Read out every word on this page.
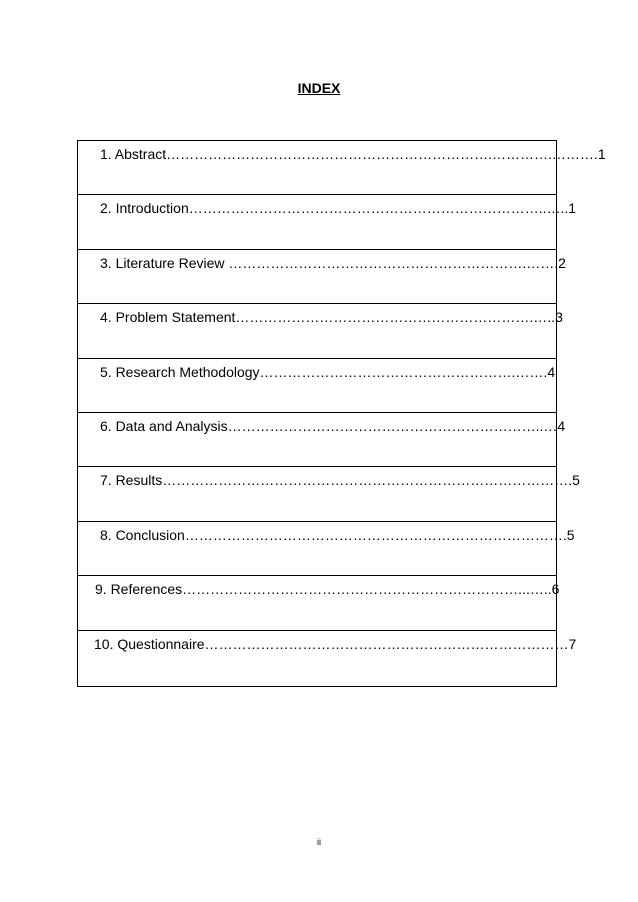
INDEX
1. Abstract…………………………………………………………….………….……….1
2. Introduction…………………………………………………………………..…..1
3. Literature Review ……………………………………………………….…….2
4. Problem Statement……………………………………………………….…..3
5. Research Methodology……………………………………………….…….4
6. Data and Analysis…………………………………………………………..…4
7. Results…………………………………………………………………………….5
8. Conclusion……………………………………………………………………….5
9. References………………………………………………………………...…..6
10. Questionnaire……………………………………………………………………7
ii
